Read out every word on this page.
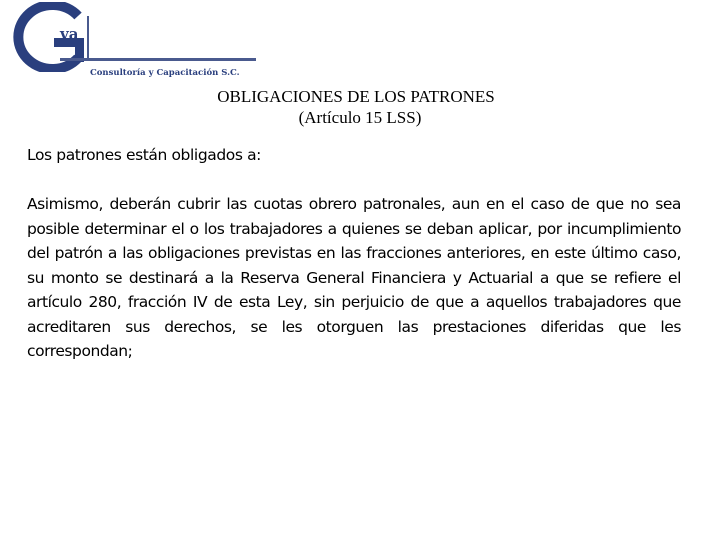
va
Consultoría y Capacitación S.C.
OBLIGACIONES DE LOS PATRONES
(Artículo 15 LSS)
Los patrones están obligados a:
Asimismo, deberán cubrir las cuotas obrero patronales, aun en el caso de que no sea posible determinar el o los trabajadores a quienes se deban aplicar, por incumplimiento del patrón a las obligaciones previstas en las fracciones anteriores, en este último caso, su monto se destinará a la Reserva General Financiera y Actuarial a que se refiere el artículo 280, fracción IV de esta Ley, sin perjuicio de que a aquellos trabajadores que acreditaren sus derechos, se les otorguen las prestaciones diferidas que les correspondan;
